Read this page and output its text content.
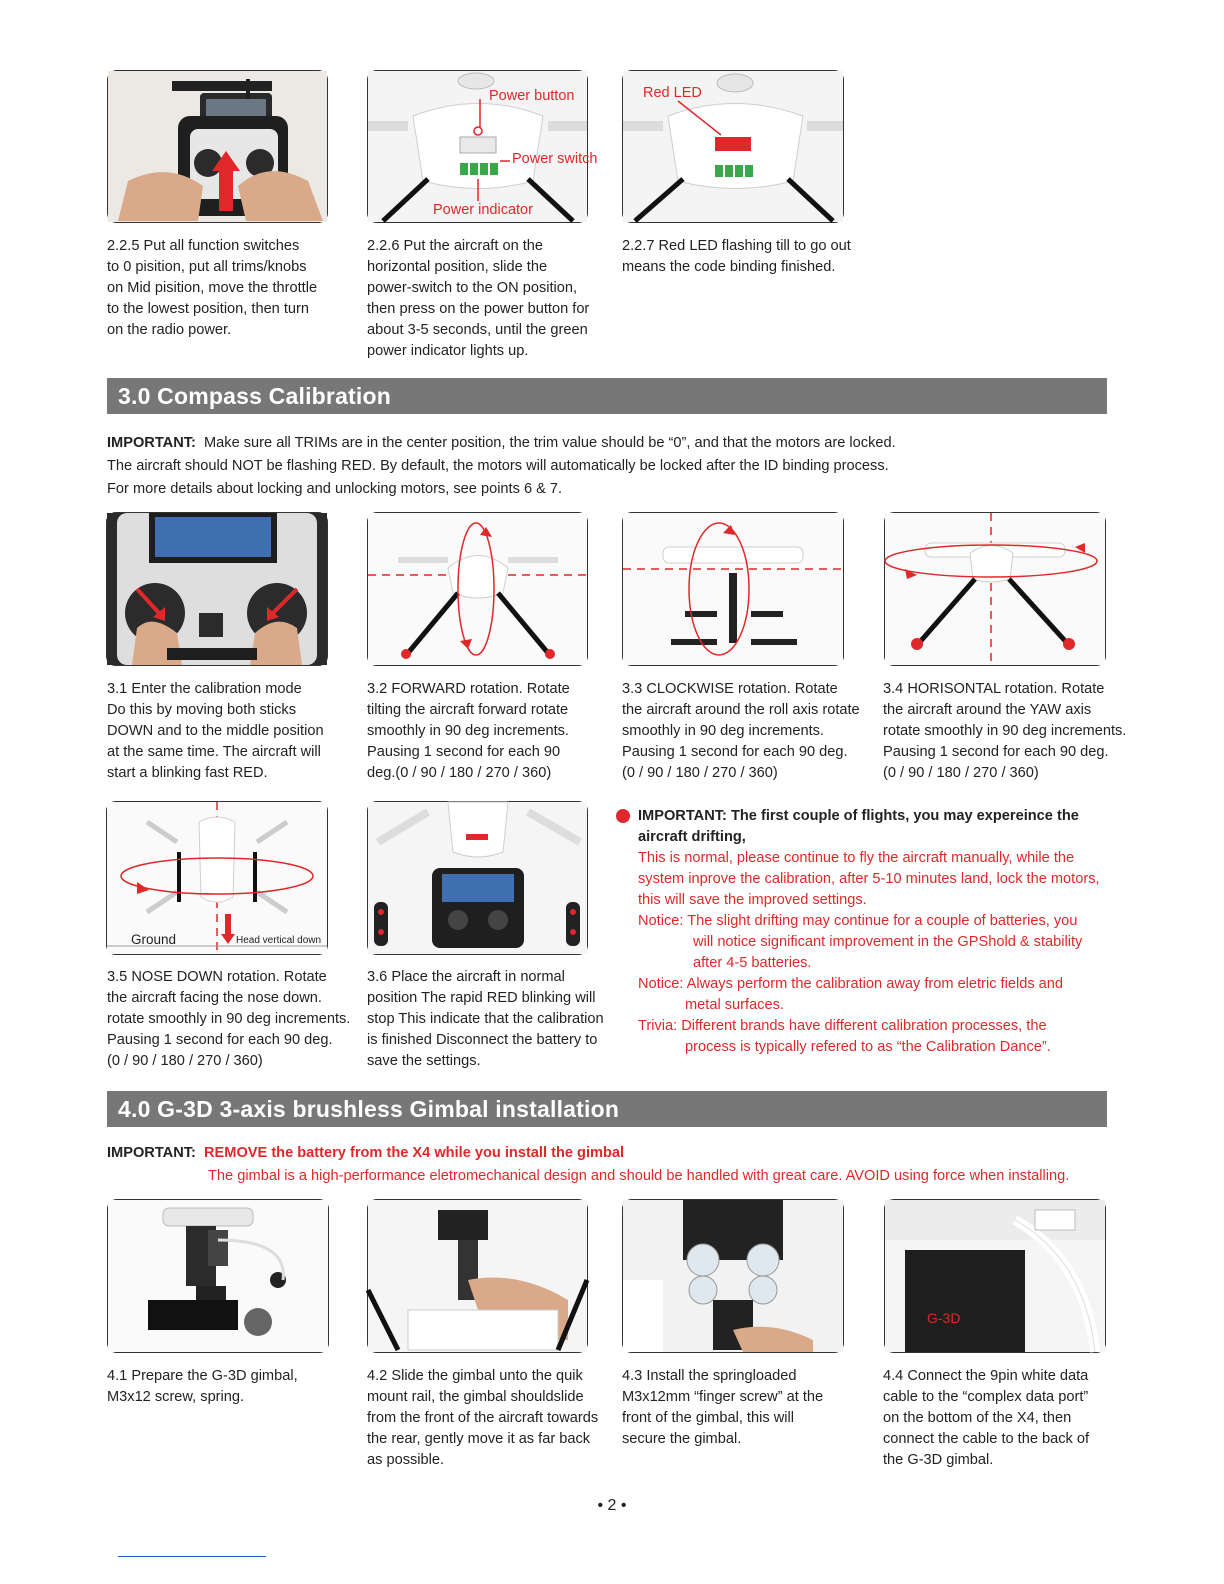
Power button
Power switch
Power indicator
Red LED

2.2.5 Put all function switches

to 0 pisition, put all trims/knobs

on Mid pisition, move the throttle

to the lowest position, then turn

on the radio power.

2.2.6 Put the aircraft on the

horizontal position, slide the

power-switch to the ON position,

then press on the power button for

about 3-5 seconds, until the green

power indicator lights up.

2.2.7 Red LED flashing till to go out

means the code binding finished.

3.0 Compass Calibration

IMPORTANT: Make sure all TRIMs are in the center position, the trim value should be “0”, and that the motors are locked.

The aircraft should NOT be flashing RED. By default, the motors will automatically be locked after the ID binding process.

For more details about locking and unlocking motors, see points 6 & 7.

3.1 Enter the calibration mode

Do this by moving both sticks

DOWN and to the middle position

at the same time. The aircraft will

start a blinking fast RED.

3.2 FORWARD rotation. Rotate

tilting the aircraft forward rotate

smoothly in 90 deg increments.

Pausing 1 second for each 90

deg.(0 / 90 / 180 / 270 / 360)

3.3 CLOCKWISE rotation. Rotate

the aircraft around the roll axis rotate

smoothly in 90 deg increments.

Pausing 1 second for each 90 deg.

(0 / 90 / 180 / 270 / 360)

3.4 HORISONTAL rotation. Rotate

the aircraft around the YAW axis

rotate smoothly in 90 deg increments.

Pausing 1 second for each 90 deg.

(0 / 90 / 180 / 270 / 360)

Ground	Head vertical down

3.5 NOSE DOWN rotation. Rotate

the aircraft facing the nose down.

rotate smoothly in 90 deg increments.

Pausing 1 second for each 90 deg.

(0 / 90 / 180 / 270 / 360)

3.6 Place the aircraft in normal

position The rapid RED blinking will

stop This indicate that the calibration

is finished Disconnect the battery to

save the settings.

IMPORTANT: The first couple of flights, you may expereince the

aircraft drifting,

This is normal, please continue to fly the aircraft manually, while the

system inprove the calibration, after 5-10 minutes land, lock the motors,

this will save the improved settings.

Notice: The slight drifting may continue for a couple of batteries, you

will notice significant improvement in the GPShold & stability

after 4-5 batteries.

Notice: Always perform the calibration away from eletric fields and

metal surfaces.

Trivia: Different brands have different calibration processes, the

process is typically refered to as “the Calibration Dance”.

4.0 G-3D 3-axis brushless Gimbal installation

IMPORTANT: REMOVE the battery from the X4 while you install the gimbal

The gimbal is a high-performance eletromechanical design and should be handled with great care. AVOID using force when installing.

G-3D

4.1 Prepare the G-3D gimbal,

M3x12 screw, spring.

4.2 Slide the gimbal unto the quik

mount rail, the gimbal shouldslide

from the front of the aircraft towards

the rear, gently move it as far back

as possible.

4.3 Install the springloaded

M3x12mm “finger screw” at the

front of the gimbal, this will

secure the gimbal.

4.4 Connect the 9pin white data

cable to the “complex data port”

on the bottom of the X4, then

connect the cable to the back of

the G-3D gimbal.

• 2 •
